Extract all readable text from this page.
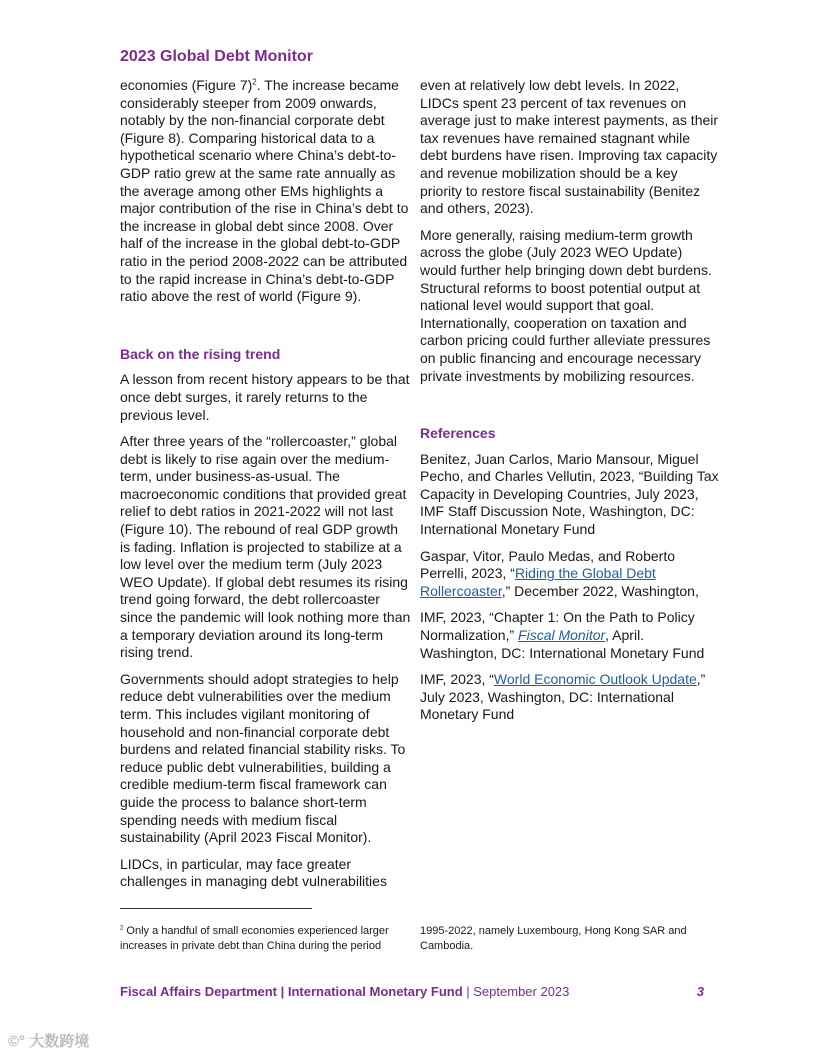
2023 Global Debt Monitor

economies (Figure 7)$^2$. The increase became considerably steeper from 2009 onwards, notably by the non-financial corporate debt (Figure 8). Comparing historical data to a hypothetical scenario where China’s debt-to-GDP ratio grew at the same rate annually as the average among other EMs highlights a major contribution of the rise in China’s debt to the increase in global debt since 2008. Over half of the increase in the global debt-to-GDP ratio in the period 2008-2022 can be attributed to the rapid increase in China’s debt-to-GDP ratio above the rest of world (Figure 9).

Back on the rising trend

A lesson from recent history appears to be that once debt surges, it rarely returns to the previous level.

After three years of the “rollercoaster,” global debt is likely to rise again over the medium-term, under business-as-usual. The macroeconomic conditions that provided great relief to debt ratios in 2021-2022 will not last (Figure 10). The rebound of real GDP growth is fading. Inflation is projected to stabilize at a low level over the medium term (July 2023 WEO Update). If global debt resumes its rising trend going forward, the debt rollercoaster since the pandemic will look nothing more than a temporary deviation around its long-term rising trend.

Governments should adopt strategies to help reduce debt vulnerabilities over the medium term. This includes vigilant monitoring of household and non-financial corporate debt burdens and related financial stability risks. To reduce public debt vulnerabilities, building a credible medium-term fiscal framework can guide the process to balance short-term spending needs with medium fiscal sustainability (April 2023 Fiscal Monitor).

LIDCs, in particular, may face greater challenges in managing debt vulnerabilities

even at relatively low debt levels. In 2022, LIDCs spent 23 percent of tax revenues on average just to make interest payments, as their tax revenues have remained stagnant while debt burdens have risen. Improving tax capacity and revenue mobilization should be a key priority to restore fiscal sustainability (Benitez and others, 2023).

More generally, raising medium-term growth across the globe (July 2023 WEO Update) would further help bringing down debt burdens. Structural reforms to boost potential output at national level would support that goal. Internationally, cooperation on taxation and carbon pricing could further alleviate pressures on public financing and encourage necessary private investments by mobilizing resources.

References

Benitez, Juan Carlos, Mario Mansour, Miguel Pecho, and Charles Vellutin, 2023, “Building Tax Capacity in Developing Countries, July 2023, IMF Staff Discussion Note, Washington, DC: International Monetary Fund

Gaspar, Vitor, Paulo Medas, and Roberto Perrelli, 2023, “Riding the Global Debt Rollercoaster,” December 2022, Washington,

IMF, 2023, “Chapter 1: On the Path to Policy Normalization,” Fiscal Monitor, April. Washington, DC: International Monetary Fund

IMF, 2023, “World Economic Outlook Update,” July 2023, Washington, DC: International Monetary Fund

$^2$ Only a handful of small economies experienced larger increases in private debt than China during the period
1995-2022, namely Luxembourg, Hong Kong SAR and Cambodia.
Fiscal Affairs Department | International Monetary Fund | September 2023	3
©° 大数跨境
